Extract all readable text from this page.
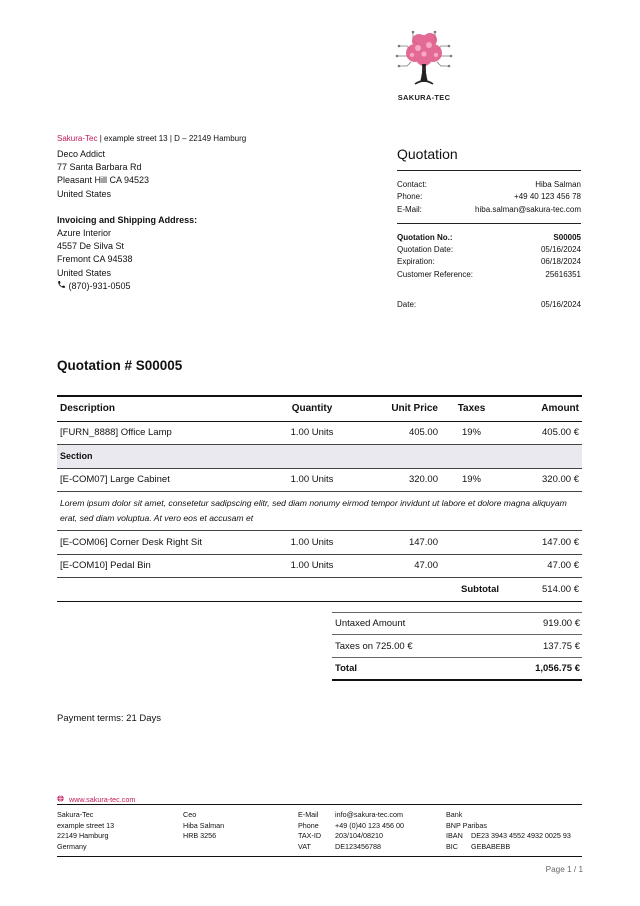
SAKURA-TEC
Sakura-Tec | example street 13 | D – 22149 Hamburg
Deco Addict
77 Santa Barbara Rd
Pleasant Hill CA 94523
United States
Invoicing and Shipping Address:
Azure Interior
4557 De Silva St
Fremont CA 94538
United States
(870)-931-0505
Quotation
Contact:	Hiba Salman
Phone:	+49 40 123 456 78
E-Mail:	hiba.salman@sakura-tec.com
Quotation No.:	S00005
Quotation Date:	05/16/2024
Expiration:	06/18/2024
Customer Reference:	25616351
Date:	05/16/2024
Quotation # S00005
Description	Quantity	Unit Price	Taxes	Amount
[FURN_8888] Office Lamp	1.00 Units	405.00	19%	405.00 €
Section				
[E-COM07] Large Cabinet	1.00 Units	320.00	19%	320.00 €
Lorem ipsum dolor sit amet, consetetur sadipscing elitr, sed diam nonumy eirmod tempor invidunt ut labore et dolore magna aliquyam erat, sed diam voluptua. At vero eos et accusam et				
[E-COM06] Corner Desk Right Sit	1.00 Units	147.00		147.00 €
[E-COM10] Pedal Bin	1.00 Units	47.00		47.00 €
			Subtotal	514.00 €
Untaxed Amount	919.00 €
Taxes on 725.00 €	137.75 €
Total	1,056.75 €
Payment terms: 21 Days
www.sakura-tec.com
Sakura-Tec
example street 13
22149 Hamburg
Germany
Ceo
Hiba Salman
HRB 3256
E-Mail info@sakura-tec.com
Phone +49 (0)40 123 456 00
TAX-ID 203/104/08210
VAT	DE123456788
Bank
BNP Paribas
IBAN DE23 3943 4552 4932 0025 93
BIC GEBABEBB
Page 1 / 1
